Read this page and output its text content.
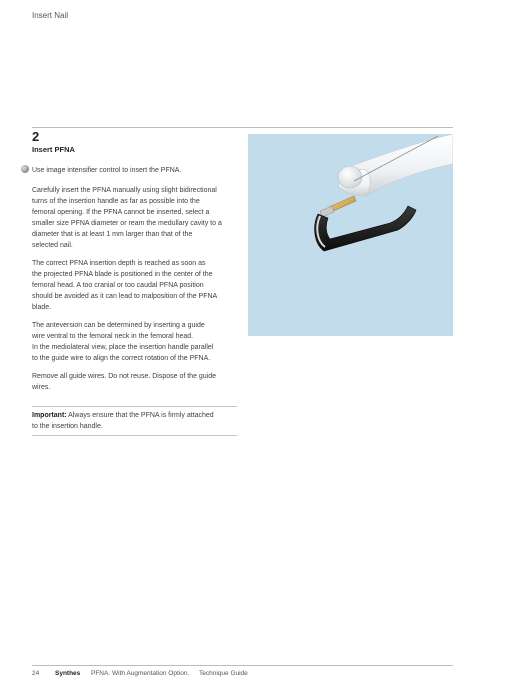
Insert Nail
2
Insert PFNA
Use image intensifier control to insert the PFNA.
Carefully insert the PFNA manually using slight bidirectional
turns of the insertion handle as far as possible into the
femoral opening. If the PFNA cannot be inserted, select a
smaller size PFNA diameter or ream the medullary cavity to a
diameter that is at least 1 mm larger than that of the
selected nail.
The correct PFNA insertion depth is reached as soon as
the projected PFNA blade is positioned in the center of the
femoral head. A too cranial or too caudal PFNA position
should be avoided as it can lead to malposition of the PFNA
blade.
The anteversion can be determined by inserting a guide
wire ventral to the femoral neck in the femoral head.
In the mediolateral view, place the insertion handle parallel
to the guide wire to align the correct rotation of the PFNA.
Remove all guide wires. Do not reuse. Dispose of the guide
wires.
Important: Always ensure that the PFNA is firmly attached
to the insertion handle.
24 Synthes PFNA. With Augmentation Option. Technique Guide
